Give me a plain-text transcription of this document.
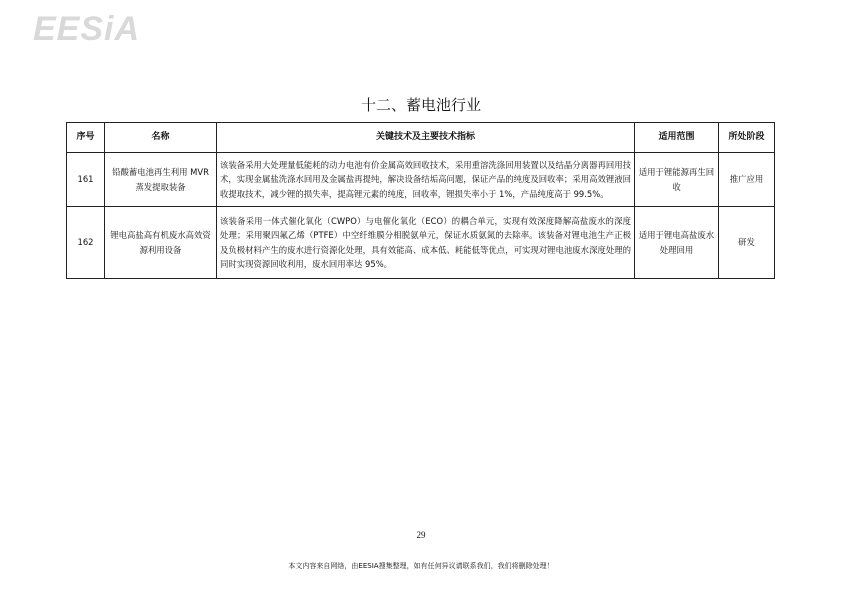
EESiA
十二、蓄电池行业
序号	名称	关键技术及主要技术指标	适用范围	所处阶段
161	铅酸蓄电池再生利用 MVR 蒸发提取装备	该装备采用大处理量低能耗的动力电池有价金属高效回收技术，采用重溶洗涤回用装置以及结晶分离器再回用技术，实现金属盐洗涤水回用及金属盐再提纯，解决设备结垢高问题，保证产品的纯度及回收率；采用高效锂液回收提取技术，减少锂的损失率，提高锂元素的纯度，回收率，锂损失率小于 1%，产品纯度高于 99.5%。	适用于锂能源再生回收	推广应用
162	锂电高盐高有机废水高效资源利用设备	该装备采用一体式催化氧化（CWPO）与电催化氧化（ECO）的耦合单元，实现有效深度降解高盐废水的深度处理；采用聚四氟乙烯（PTFE）中空纤维膜分相脱氨单元，保证水质氨氮的去除率。该装备对锂电池生产正极及负极材料产生的废水进行资源化处理，具有效能高、成本低、耗能低等优点，可实现对锂电池废水深度处理的同时实现资源回收利用，废水回用率达 95%。	适用于锂电高盐废水处理回用	研发
29
本文内容来自网络，由EESIA搜集整理，如有任何异议请联系我们，我们将删除处理！
